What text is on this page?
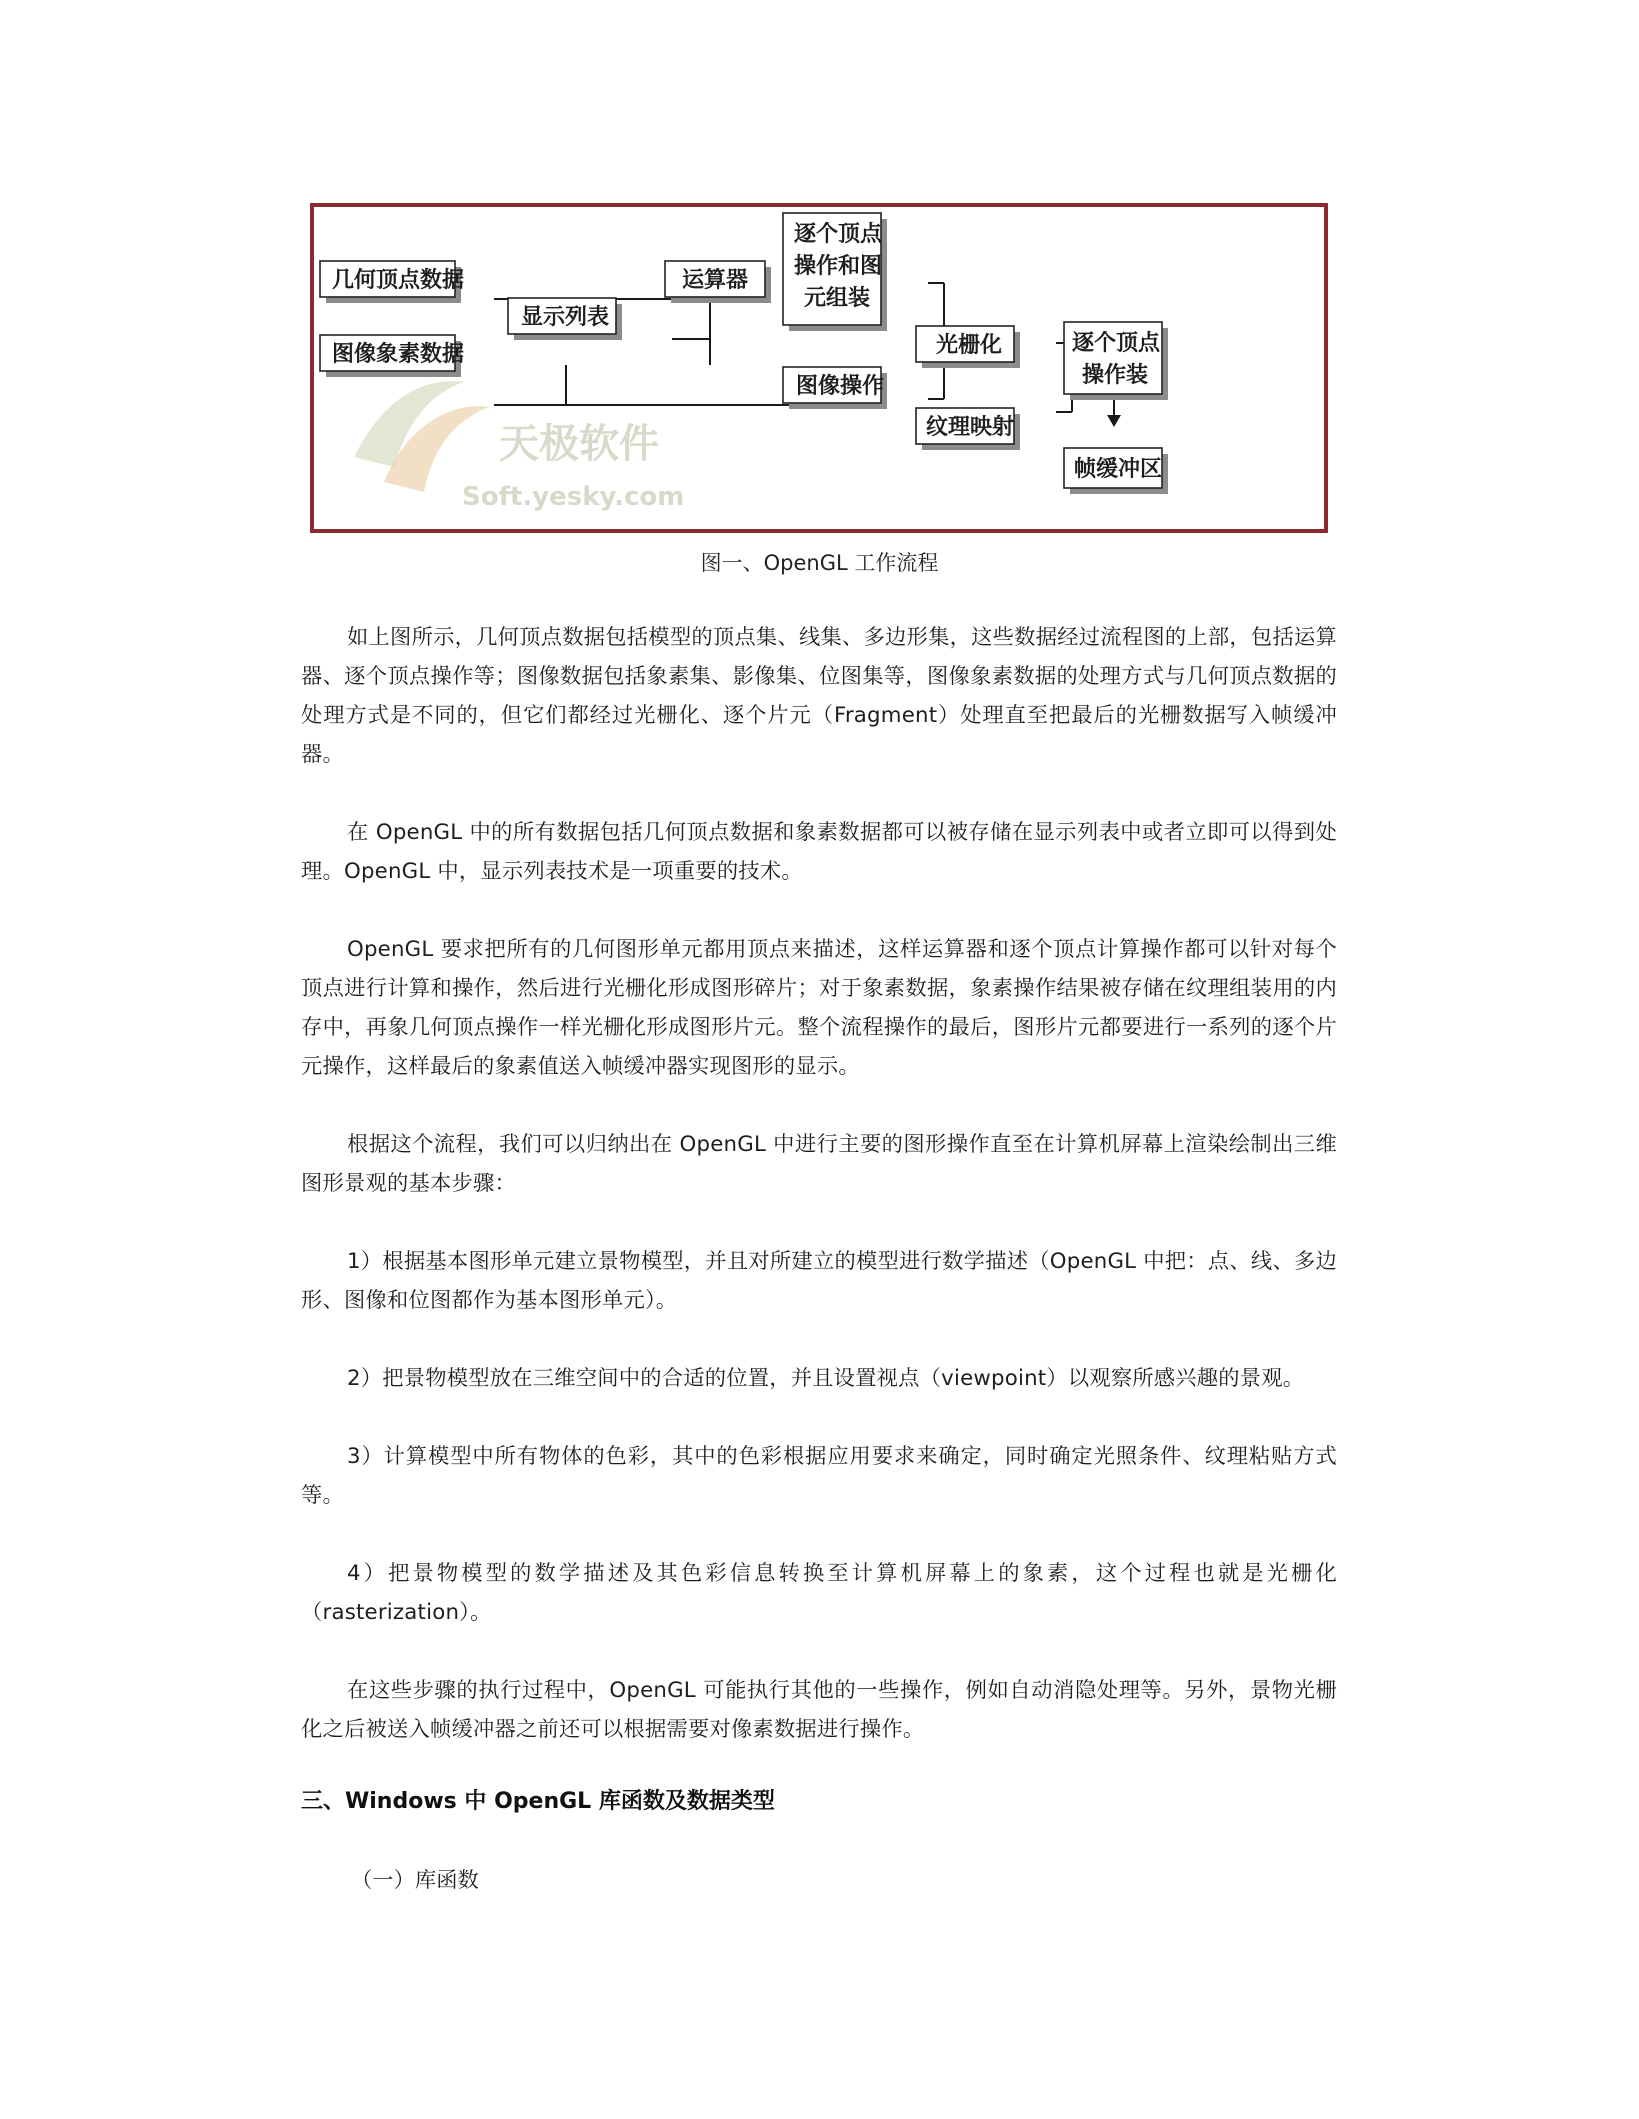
天极软件
Soft.yesky.com
几何顶点数据
图像象素数据
显示列表
运算器
逐个顶点
操作和图
元组装
图像操作
光栅化
纹理映射
逐个顶点
操作装
帧缓冲区
图一、OpenGL 工作流程

如上图所示，几何顶点数据包括模型的顶点集、线集、多边形集，这些数据经过流程图的上部，包括运算器、逐个顶点操作等；图像数据包括象素集、影像集、位图集等，图像象素数据的处理方式与几何顶点数据的处理方式是不同的，但它们都经过光栅化、逐个片元（Fragment）处理直至把最后的光栅数据写入帧缓冲器。

在 OpenGL 中的所有数据包括几何顶点数据和象素数据都可以被存储在显示列表中或者立即可以得到处理。OpenGL 中，显示列表技术是一项重要的技术。

OpenGL 要求把所有的几何图形单元都用顶点来描述，这样运算器和逐个顶点计算操作都可以针对每个顶点进行计算和操作，然后进行光栅化形成图形碎片；对于象素数据，象素操作结果被存储在纹理组装用的内存中，再象几何顶点操作一样光栅化形成图形片元。整个流程操作的最后，图形片元都要进行一系列的逐个片元操作，这样最后的象素值送入帧缓冲器实现图形的显示。

根据这个流程，我们可以归纳出在 OpenGL 中进行主要的图形操作直至在计算机屏幕上渲染绘制出三维图形景观的基本步骤：

1）根据基本图形单元建立景物模型，并且对所建立的模型进行数学描述（OpenGL 中把：点、线、多边形、图像和位图都作为基本图形单元）。

2）把景物模型放在三维空间中的合适的位置，并且设置视点（viewpoint）以观察所感兴趣的景观。

3）计算模型中所有物体的色彩，其中的色彩根据应用要求来确定，同时确定光照条件、纹理粘贴方式等。

4）把景物模型的数学描述及其色彩信息转换至计算机屏幕上的象素，这个过程也就是光栅化（rasterization）。

在这些步骤的执行过程中，OpenGL 可能执行其他的一些操作，例如自动消隐处理等。另外，景物光栅化之后被送入帧缓冲器之前还可以根据需要对像素数据进行操作。

三、Windows 中 OpenGL 库函数及数据类型
（一）库函数
